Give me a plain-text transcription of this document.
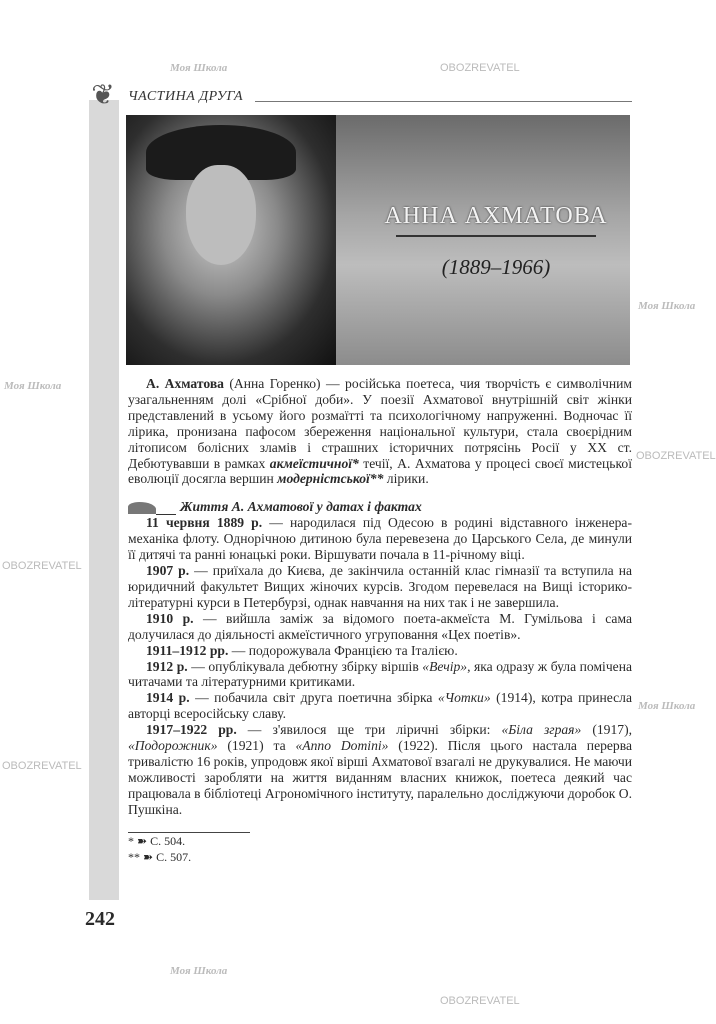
❦ ЧАСТИНА ДРУГА
АННА АХМАТОВА
(1889–1966)

А. Ахматова (Анна Горенко) — російська поетеса, чия творчість є символічним узагальненням долі «Срібної доби». У поезії Ахматової внутрішній світ жінки представлений в усьому його розмаїтті та психологічному напруженні. Водночас її лірика, пронизана пафосом збереження національної культури, стала своєрідним літописом болісних зламів і страшних історичних потрясінь Росії у XX ст. Дебютувавши в рамках акмеїстичної* течії, А. Ахматова у процесі своєї мистецької еволюції досягла вершин модерністської** лірики.

Життя А. Ахматової у датах і фактах

11 червня 1889 р. — народилася під Одесою в родині відставного інженера-механіка флоту. Однорічною дитиною була перевезена до Царського Села, де минули її дитячі та ранні юнацькі роки. Віршувати почала в 11-річному віці.

1907 р. — приїхала до Києва, де закінчила останній клас гімназії та вступила на юридичний факультет Вищих жіночих курсів. Згодом перевелася на Вищі історико-літературні курси в Петербурзі, однак навчання на них так і не завершила.

1910 р. — вийшла заміж за відомого поета-акмеїста М. Гумільова і сама долучилася до діяльності акмеїстичного угруповання «Цех поетів».

1911–1912 рр. — подорожувала Францією та Італією.

1912 р. — опублікувала дебютну збірку віршів «Вечір», яка одразу ж була помічена читачами та літературними критиками.

1914 р. — побачила світ друга поетична збірка «Чотки» (1914), котра принесла авторці всеросійську славу.

1917–1922 рр. — з'явилося ще три ліричні збірки: «Біла зграя» (1917), «Подорожник» (1921) та «Anno Domini» (1922). Після цього настала перерва тривалістю 16 років, упродовж якої вірші Ахматової взагалі не друкувалися. Не маючи можливості заробляти на життя виданням власних книжок, поетеса деякий час працювала в бібліотеці Агрономічного інституту, паралельно досліджуючи доробок О. Пушкіна.

* ➽ С. 504.
** ➽ С. 507.
242
Моя Школа	OBOZREVATEL
Моя Школа
OBOZREVATEL
Моя Школа
OBOZREVATEL
Моя Школа
OBOZREVATEL
Моя Школа
OBOZREVATEL
